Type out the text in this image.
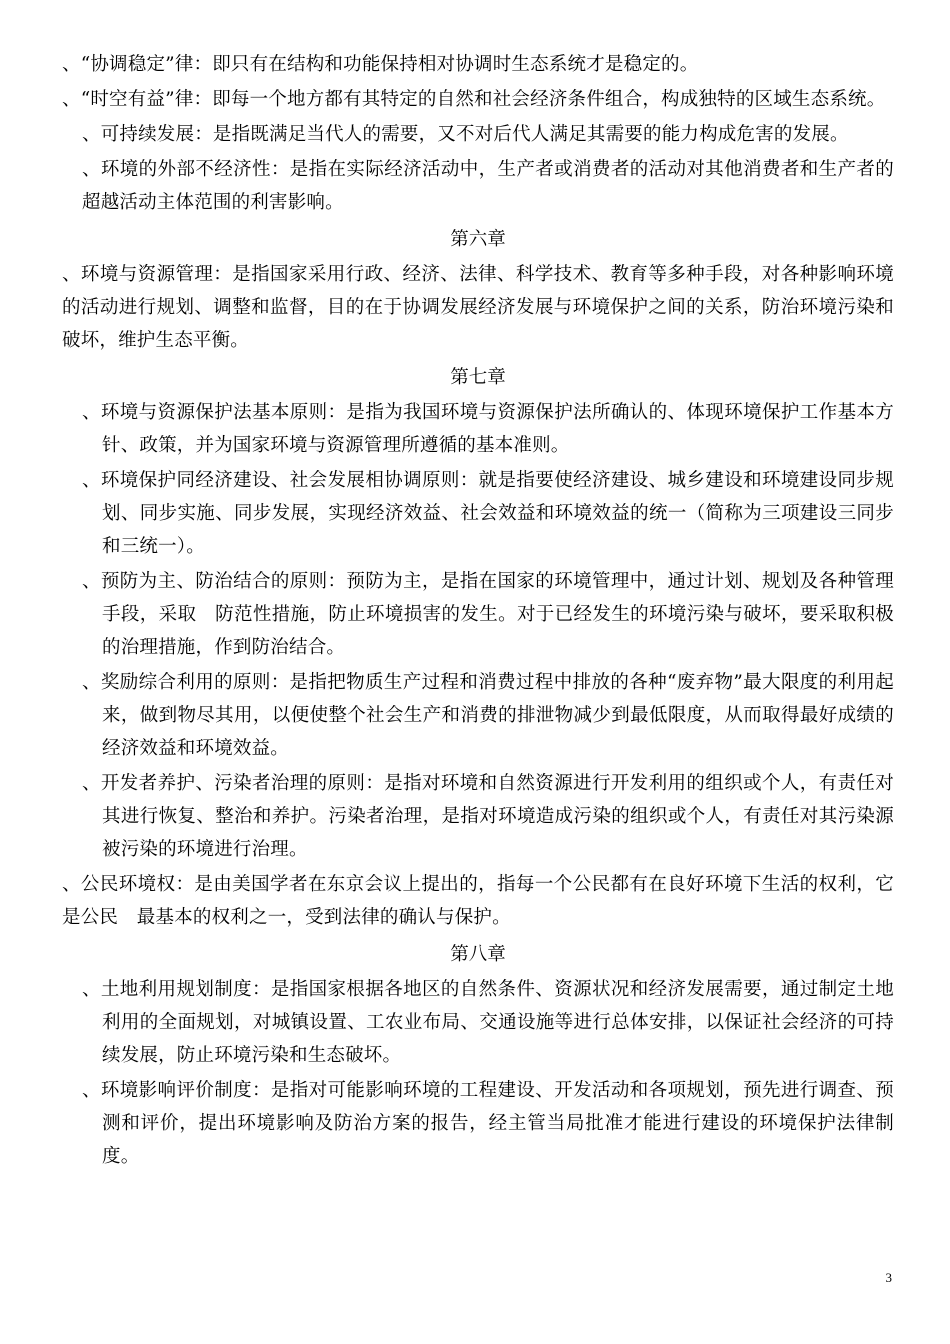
、“协调稳定”律：即只有在结构和功能保持相对协调时生态系统才是稳定的。

、“时空有益”律：即每一个地方都有其特定的自然和社会经济条件组合，构成独特的区域生态系统。

、可持续发展：是指既满足当代人的需要，又不对后代人满足其需要的能力构成危害的发展。

、环境的外部不经济性：是指在实际经济活动中，生产者或消费者的活动对其他消费者和生产者的超越活动主体范围的利害影响。

第六章

、环境与资源管理：是指国家采用行政、经济、法律、科学技术、教育等多种手段，对各种影响环境的活动进行规划、调整和监督，目的在于协调发展经济发展与环境保护之间的关系，防治环境污染和破坏，维护生态平衡。

第七章

、环境与资源保护法基本原则：是指为我国环境与资源保护法所确认的、体现环境保护工作基本方针、政策，并为国家环境与资源管理所遵循的基本准则。

、环境保护同经济建设、社会发展相协调原则：就是指要使经济建设、城乡建设和环境建设同步规划、同步实施、同步发展，实现经济效益、社会效益和环境效益的统一（简称为三项建设三同步和三统一）。

、预防为主、防治结合的原则：预防为主，是指在国家的环境管理中，通过计划、规划及各种管理手段，采取　防范性措施，防止环境损害的发生。对于已经发生的环境污染与破坏，要采取积极的治理措施，作到防治结合。

、奖励综合利用的原则：是指把物质生产过程和消费过程中排放的各种“废弃物”最大限度的利用起来，做到物尽其用，以便使整个社会生产和消费的排泄物减少到最低限度，从而取得最好成绩的经济效益和环境效益。

、开发者养护、污染者治理的原则：是指对环境和自然资源进行开发利用的组织或个人，有责任对其进行恢复、整治和养护。污染者治理，是指对环境造成污染的组织或个人，有责任对其污染源被污染的环境进行治理。

、公民环境权：是由美国学者在东京会议上提出的，指每一个公民都有在良好环境下生活的权利，它是公民　最基本的权利之一，受到法律的确认与保护。

第八章

、土地利用规划制度：是指国家根据各地区的自然条件、资源状况和经济发展需要，通过制定土地利用的全面规划，对城镇设置、工农业布局、交通设施等进行总体安排，以保证社会经济的可持续发展，防止环境污染和生态破坏。

、环境影响评价制度：是指对可能影响环境的工程建设、开发活动和各项规划，预先进行调查、预测和评价，提出环境影响及防治方案的报告，经主管当局批准才能进行建设的环境保护法律制度。

3
